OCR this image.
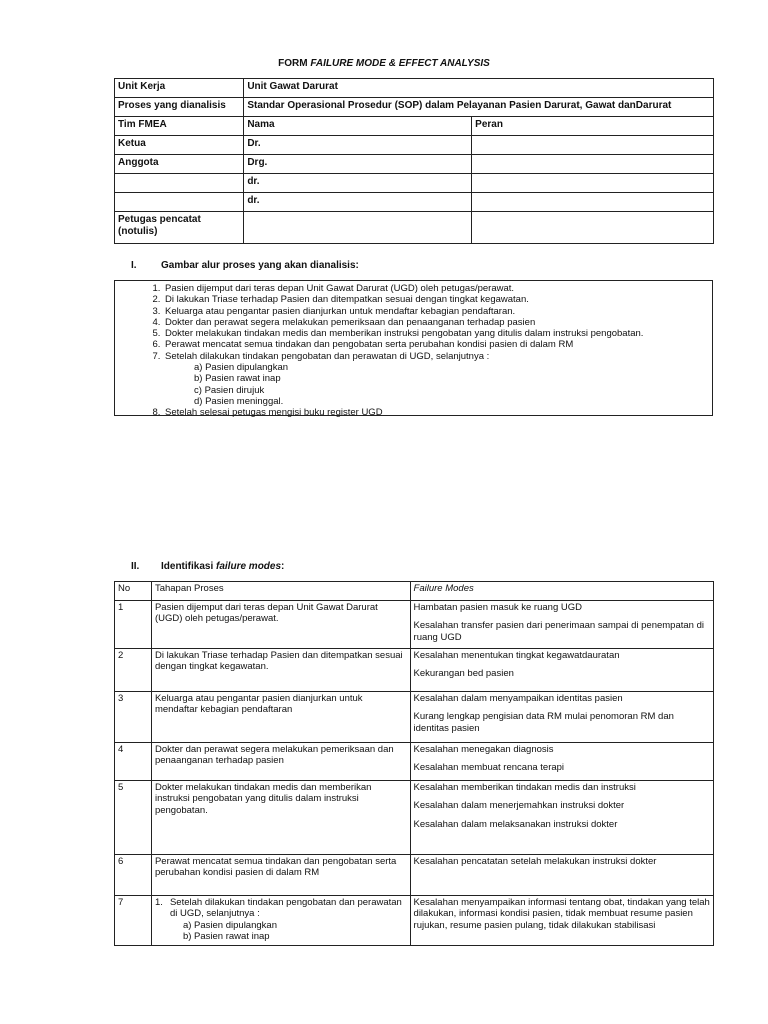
FORM FAILURE MODE & EFFECT ANALYSIS
Unit Kerja	Unit Gawat Darurat	
Proses yang dianalisis	Standar Operasional Prosedur (SOP) dalam Pelayanan Pasien Darurat, Gawat danDarurat	
Tim FMEA	Nama	Peran
Ketua	Dr.	
Anggota	Drg.	
	dr.	
	dr.	
Petugas pencatat (notulis)		
I. Gambar alur proses yang akan dianalisis:
1. Pasien dijemput dari teras depan Unit Gawat Darurat (UGD) oleh petugas/perawat.
2. Di lakukan Triase terhadap Pasien dan ditempatkan sesuai dengan tingkat kegawatan.
3. Keluarga atau pengantar pasien dianjurkan untuk mendaftar kebagian pendaftaran.
4. Dokter dan perawat segera melakukan pemeriksaan dan penaanganan terhadap pasien
5. Dokter melakukan tindakan medis dan memberikan instruksi pengobatan yang ditulis dalam instruksi pengobatan.
6. Perawat mencatat semua tindakan dan pengobatan serta perubahan kondisi pasien di dalam RM
7. Setelah dilakukan tindakan pengobatan dan perawatan di UGD, selanjutnya :
a) Pasien dipulangkan
b) Pasien rawat inap
c) Pasien dirujuk
d) Pasien meninggal.
8. Setelah selesai petugas mengisi buku register UGD
II. Identifikasi failure modes:
No	Tahapan Proses	Failure Modes
1	Pasien dijemput dari teras depan Unit Gawat Darurat (UGD) oleh petugas/perawat.	Hambatan pasien masuk ke ruang UGD

Kesalahan transfer pasien dari penerimaan sampai di penempatan di ruang UGD

2	Di lakukan Triase terhadap Pasien dan ditempatkan sesuai dengan tingkat kegawatan.	Kesalahan menentukan tingkat kegawatdauratan

Kekurangan bed pasien

3	Keluarga atau pengantar pasien dianjurkan untuk mendaftar kebagian pendaftaran	Kesalahan dalam menyampaikan identitas pasien

Kurang lengkap pengisian data RM mulai penomoran RM dan identitas pasien

4	Dokter dan perawat segera melakukan pemeriksaan dan penaanganan terhadap pasien	Kesalahan menegakan diagnosis

Kesalahan membuat rencana terapi

5	Dokter melakukan tindakan medis dan memberikan instruksi pengobatan yang ditulis dalam instruksi pengobatan.	Kesalahan memberikan tindakan medis dan instruksi

Kesalahan dalam menerjemahkan instruksi dokter

Kesalahan dalam melaksanakan instruksi dokter

6	Perawat mencatat semua tindakan dan pengobatan serta perubahan kondisi pasien di dalam RM	Kesalahan pencatatan setelah melakukan instruksi dokter

7	1. Setelah dilakukan tindakan pengobatan dan perawatan di UGD, selanjutnya :
a) Pasien dipulangkan
b) Pasien rawat inap	Kesalahan menyampaikan informasi tentang obat, tindakan yang telah dilakukan, informasi kondisi pasien, tidak membuat resume pasien rujukan, resume pasien pulang, tidak dilakukan stabilisasi
